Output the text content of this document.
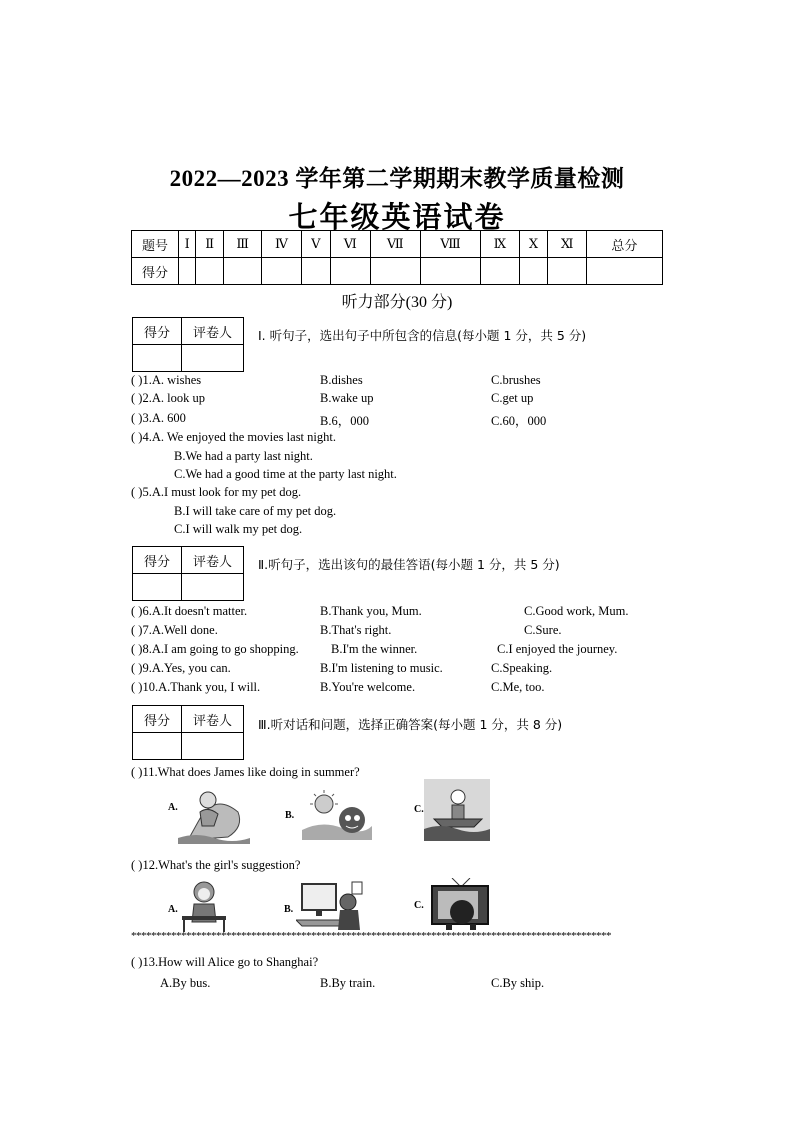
2022—2023 学年第二学期期末教学质量检测
七年级英语试卷
题号	Ⅰ	Ⅱ	Ⅲ	Ⅳ	Ⅴ	Ⅵ	Ⅶ	Ⅷ	Ⅸ	Ⅹ	Ⅺ	总分
得分												
听力部分(30 分)
得分	评卷人
	Ⅰ. 听句子，选出句子中所包含的信息(每小题 1 分，共 5 分)
( )1.A. wishes	B.dishes	C.brushes
( )2.A. look up	B.wake up	C.get up
( )3.A. 600	B.6，000	C.60，000
( )4.A. We enjoyed the movies last night.
B.We had a party last night.
C.We had a good time at the party last night.
( )5.A.I must look for my pet dog.
B.I will take care of my pet dog.
C.I will walk my pet dog.
得分	评卷人
	Ⅱ.听句子，选出该句的最佳答语(每小题 1 分，共 5 分)
( )6.A.It doesn't matter.	B.Thank you, Mum.	C.Good work, Mum.
( )7.A.Well done.	B.That's right.	C.Sure.
( )8.A.I am going to go shopping.	B.I'm the winner.	C.I enjoyed the journey.
( )9.A.Yes, you can.	B.I'm listening to music.	C.Speaking.
( )10.A.Thank you, I will.	B.You're welcome.	C.Me, too.
得分	评卷人
	Ⅲ.听对话和问题，选择正确答案(每小题 1 分，共 8 分)
( )11.What does James like doing in summer?
A.
B.
C.
( )12.What's the girl's suggestion?
A.	B.	C.
************************************************************************************************
( )13.How will Alice go to Shanghai?
A.By bus.	B.By train.	C.By ship.
